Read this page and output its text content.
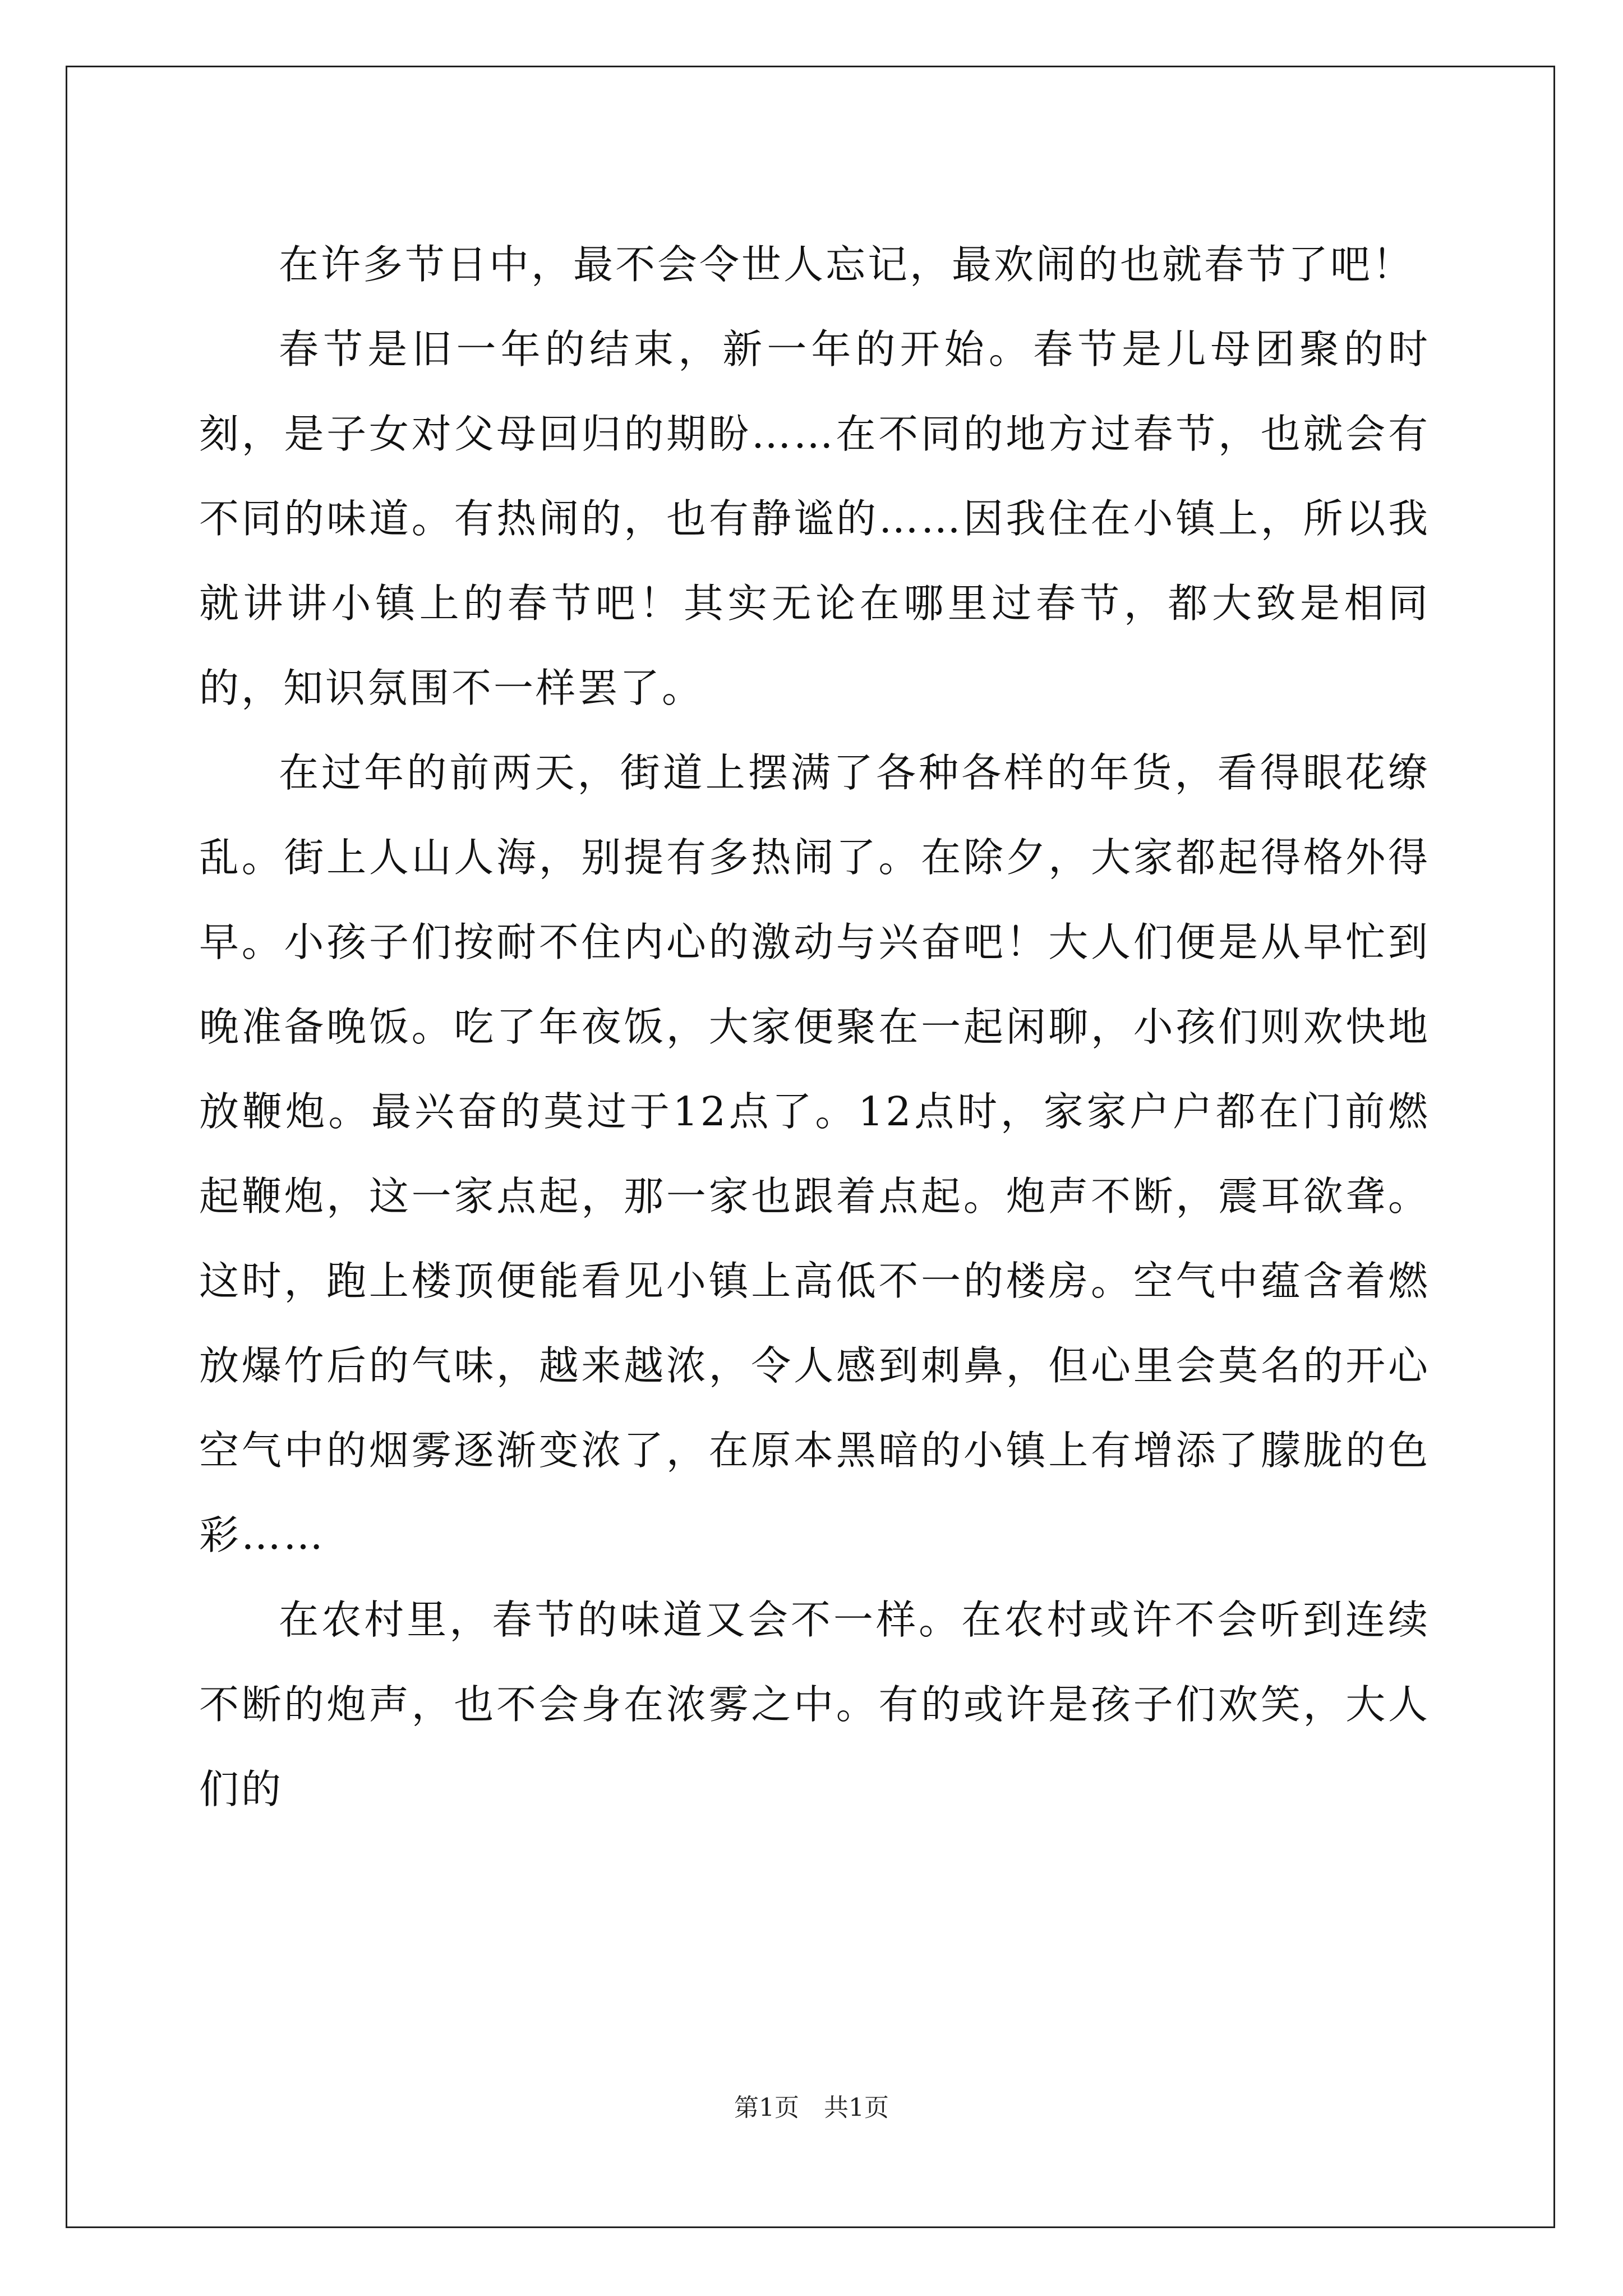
在许多节日中，最不会令世人忘记，最欢闹的也就春节了吧！

春节是旧一年的结束，新一年的开始。春节是儿母团聚的时刻，是子女对父母回归的期盼……在不同的地方过春节，也就会有不同的味道。有热闹的，也有静谧的……因我住在小镇上，所以我就讲讲小镇上的春节吧！其实无论在哪里过春节，都大致是相同的，知识氛围不一样罢了。

在过年的前两天，街道上摆满了各种各样的年货，看得眼花缭乱。街上人山人海，别提有多热闹了。在除夕，大家都起得格外得早。小孩子们按耐不住内心的激动与兴奋吧！大人们便是从早忙到晚准备晚饭。吃了年夜饭，大家便聚在一起闲聊，小孩们则欢快地放鞭炮。最兴奋的莫过于12点了。12点时，家家户户都在门前燃起鞭炮，这一家点起，那一家也跟着点起。炮声不断，震耳欲聋。这时，跑上楼顶便能看见小镇上高低不一的楼房。空气中蕴含着燃放爆竹后的气味，越来越浓，令人感到刺鼻，但心里会莫名的开心空气中的烟雾逐渐变浓了，在原本黑暗的小镇上有增添了朦胧的色彩……

在农村里，春节的味道又会不一样。在农村或许不会听到连续不断的炮声，也不会身在浓雾之中。有的或许是孩子们欢笑，大人们的

第1页　共1页
